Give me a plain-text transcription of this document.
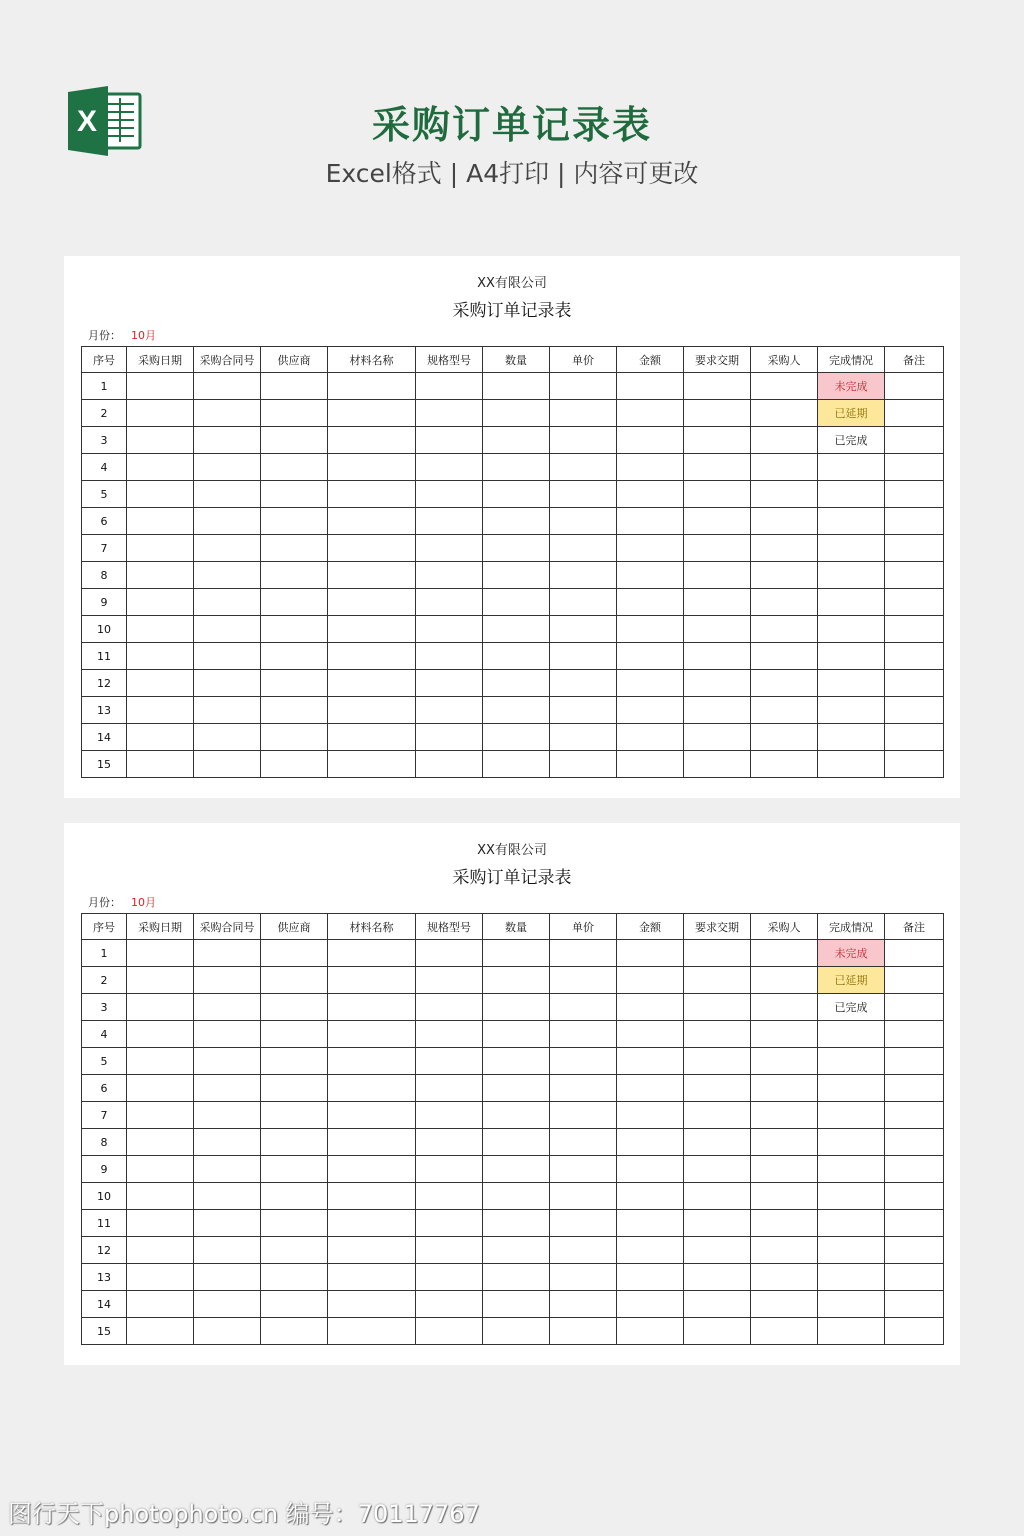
X	采购订单记录表
Excel格式 | A4打印 | 内容可更改
XX有限公司
采购订单记录表
月份： 10月
序号	采购日期	采购合同号	供应商	材料名称	规格型号	数量	单价	金额	要求交期	采购人	完成情况	备注
1											未完成	
2											已延期	
3											已完成	
4												
5												
6												
7												
8												
9												
10												
11												
12												
13												
14												
15												
XX有限公司
采购订单记录表
月份： 10月
序号	采购日期	采购合同号	供应商	材料名称	规格型号	数量	单价	金额	要求交期	采购人	完成情况	备注
1											未完成	
2											已延期	
3											已完成	
4												
5												
6												
7												
8												
9												
10												
11												
12												
13												
14												
15												
图行天下photophoto.cn 编号：70117767
